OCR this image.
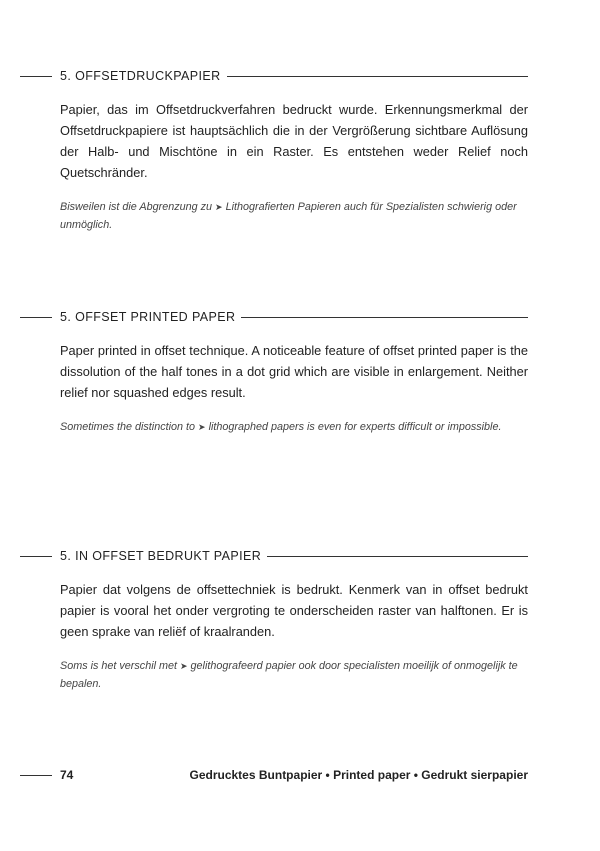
5. OFFSETDRUCKPAPIER

Papier, das im Offsetdruckverfahren bedruckt wurde. Erkennungsmerkmal der Offsetdruckpapiere ist hauptsächlich die in der Vergrößerung sichtbare Auflösung der Halb- und Mischtöne in ein Raster. Es entstehen weder Relief noch Quetschränder.

Bisweilen ist die Abgrenzung zu ➤ Lithografierten Papieren auch für Spezialisten schwierig oder unmöglich.

5. OFFSET PRINTED PAPER

Paper printed in offset technique. A noticeable feature of offset printed paper is the dissolution of the half tones in a dot grid which are visible in enlargement. Neither relief nor squashed edges result.

Sometimes the distinction to ➤ lithographed papers is even for experts difficult or impossible.

5. IN OFFSET BEDRUKT PAPIER

Papier dat volgens de offsettechniek is bedrukt. Kenmerk van in offset bedrukt papier is vooral het onder vergroting te onderscheiden raster van halftonen. Er is geen sprake van reliëf of kraalranden.

Soms is het verschil met ➤ gelithografeerd papier ook door specialisten moeilijk of onmogelijk te bepalen.

74	Gedrucktes Buntpapier • Printed paper • Gedrukt sierpapier
